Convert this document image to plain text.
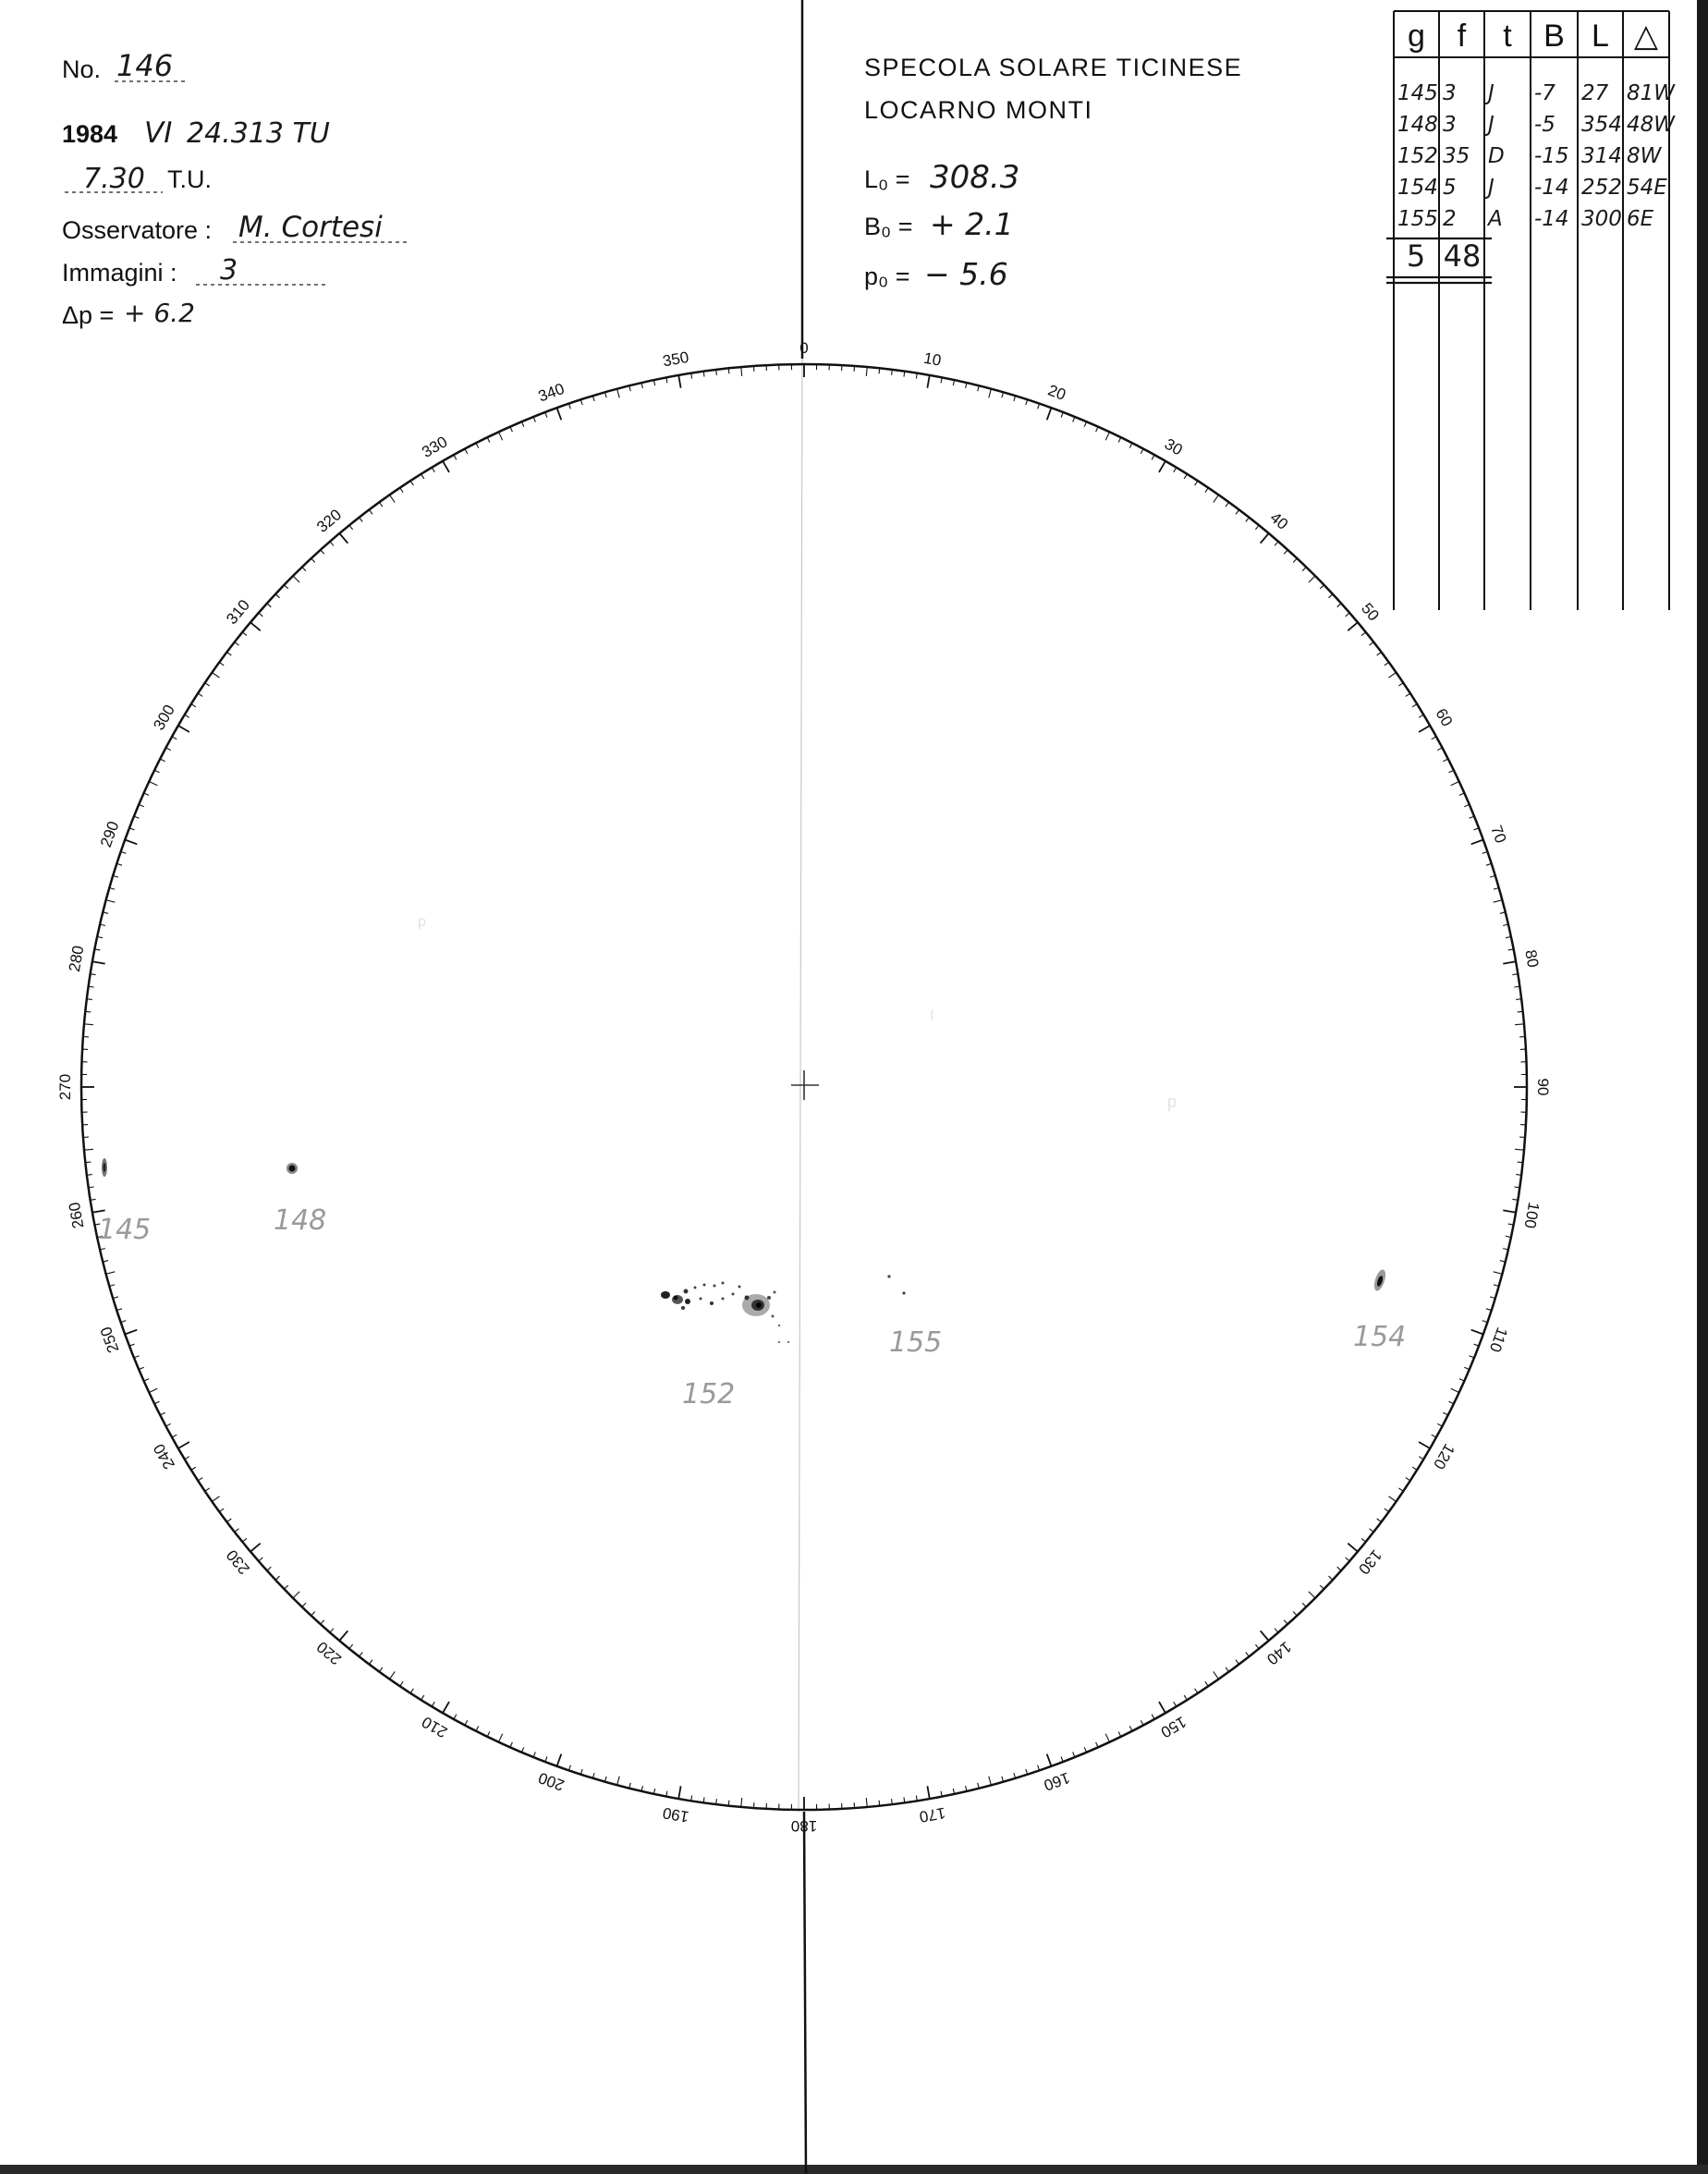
No. 146
1984 VI 24.313 TU
7.30 T.U.
Osservatore : M. Cortesi
Immagini : 3
Δp = + 6.2
SPECOLA SOLARE TICINESE
LOCARNO MONTI
L₀ = 308.3
B₀ = + 2.1
p₀ = − 5.6
g f t B L △
145 3 J -7 27 81W
148 3 J -5 354 48W
152 35 D -15 314 8W
154 5 J -14 252 54E
155 2 A -14 300 6E
5 48
0
10
20
30
40
50
60
70
80
90
100
110
120
130
140
150
160
170
180
190
200
210
220
230
240
250
260
270
280
290
300
310
320
330
340
350
145	148
152
155	154
p
p
f
